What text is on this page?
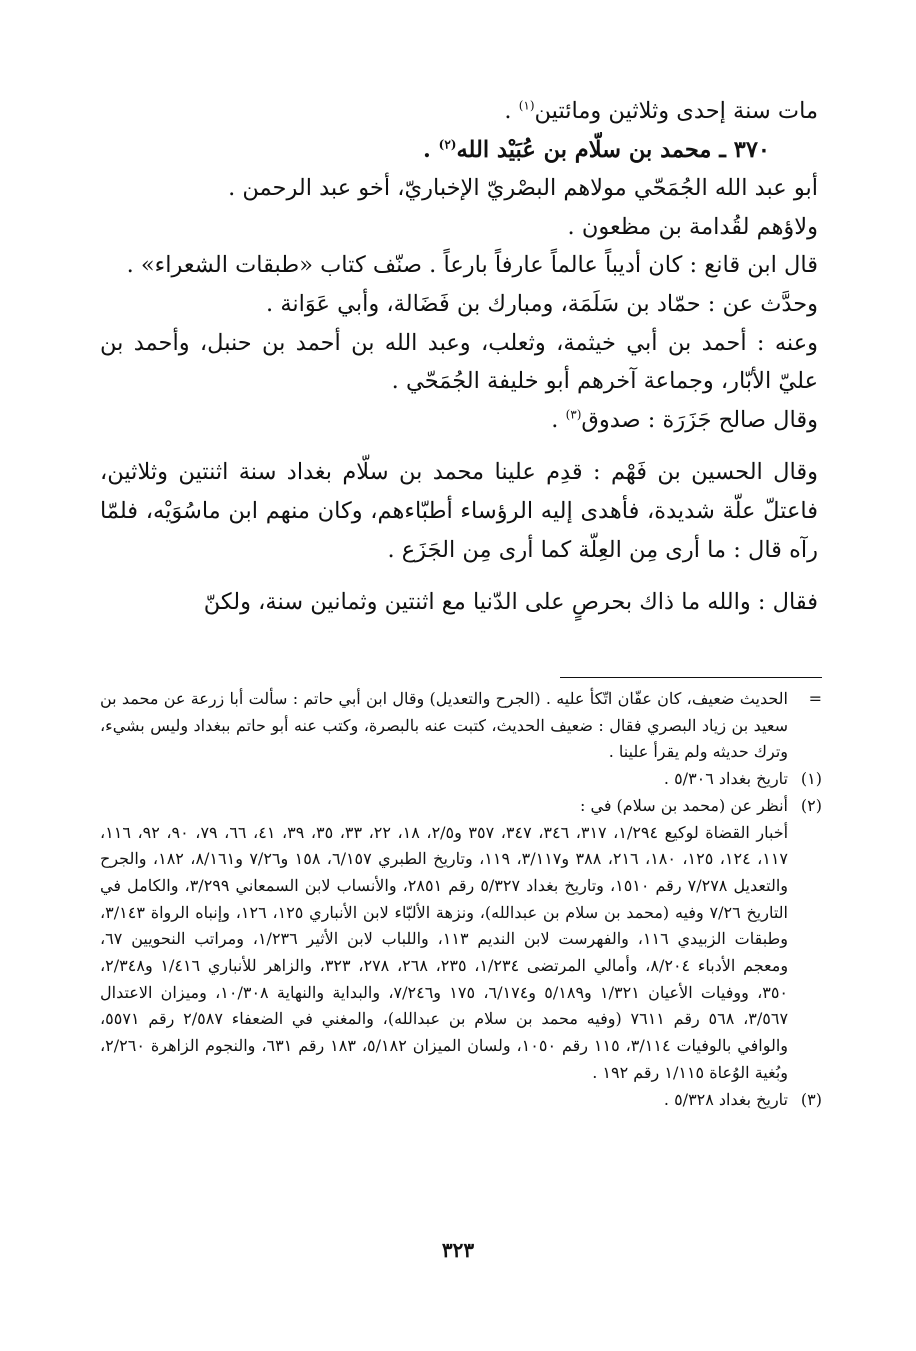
مات سنة إحدى وثلاثين ومائتين$^{(١)}$ .

٣٧٠ ـ محمد بن سلّام بن عُبَيْد الله$^{(٢)}$ .

أبو عبد الله الجُمَحّي مولاهم البصْريّ الإخباريّ، أخو عبد الرحمن .

ولاؤهم لقُدامة بن مظعون .

قال ابن قانع : كان أديباً عالماً عارفاً بارعاً . صنّف كتاب «طبقات الشعراء» .

وحدَّث عن : حمّاد بن سَلَمَة، ومبارك بن فَضَالة، وأبي عَوَانة .

وعنه : أحمد بن أبي خيثمة، وثعلب، وعبد الله بن أحمد بن حنبل، وأحمد بن عليّ الأبّار، وجماعة آخرهم أبو خليفة الجُمَحّي .

وقال صالح جَزَرَة : صدوق$^{(٣)}$ .

وقال الحسين بن فَهْم : قدِم علينا محمد بن سلّام بغداد سنة اثنتين وثلاثين، فاعتلّ علّة شديدة، فأهدى إليه الرؤساء أطبّاءهم، وكان منهم ابن ماسُوَيْه، فلمّا رآه قال : ما أرى مِن العِلّة كما أرى مِن الجَزَع .

فقال : والله ما ذاك بحرصٍ على الدّنيا مع اثنتين وثمانين سنة، ولكنّ

=
الحديث ضعيف، كان عفّان اتّكأ عليه . (الجرح والتعديل) وقال ابن أبي حاتم : سألت أبا زرعة عن محمد بن سعيد بن زياد البصري فقال : ضعيف الحديث، كتبت عنه بالبصرة، وكتب عنه أبو حاتم ببغداد وليس بشيء، وترك حديثه ولم يقرأ علينا .
(١)
تاريخ بغداد ٥/٣٠٦ .
(٢)

أنظر عن (محمد بن سلام) في :

أخبار القضاة لوكيع ١/٢٩٤، ٣١٧، ٣٤٦، ٣٤٧، ٣٥٧ و٢/٥، ١٨، ٢٢، ٣٣، ٣٥، ٣٩، ٤١، ٦٦، ٧٩، ٩٠، ٩٢، ١١٦، ١١٧، ١٢٤، ١٢٥، ١٨٠، ٢١٦، ٣٨٨ و٣/١١٧، ١١٩، وتاريخ الطبري ٦/١٥٧، ١٥٨ و٧/٢٦ و٨/١٦١، ١٨٢، والجرح والتعديل ٧/٢٧٨ رقم ١٥١٠، وتاريخ بغداد ٥/٣٢٧ رقم ٢٨٥١، والأنساب لابن السمعاني ٣/٢٩٩، والكامل في التاريخ ٧/٢٦ وفيه (محمد بن سلام بن عبدالله)، ونزهة الألبّاء لابن الأنباري ١٢٥، ١٢٦، وإنباه الرواة ٣/١٤٣، وطبقات الزبيدي ١١٦، والفهرست لابن النديم ١١٣، واللباب لابن الأثير ١/٢٣٦، ومراتب النحويين ٦٧، ومعجم الأدباء ٨/٢٠٤، وأمالي المرتضى ١/٢٣٤، ٢٣٥، ٢٦٨، ٢٧٨، ٣٢٣، والزاهر للأنباري ١/٤١٦ و٢/٣٤٨، ٣٥٠، ووفيات الأعيان ١/٣٢١ و٥/١٨٩ و٦/١٧٤، ١٧٥ و٧/٢٤٦، والبداية والنهاية ١٠/٣٠٨، وميزان الاعتدال ٣/٥٦٧، ٥٦٨ رقم ٧٦١١ (وفيه محمد بن سلام بن عبدالله)، والمغني في الضعفاء ٢/٥٨٧ رقم ٥٥٧١، والوافي بالوفيات ٣/١١٤، ١١٥ رقم ١٠٥٠، ولسان الميزان ٥/١٨٢، ١٨٣ رقم ٦٣١، والنجوم الزاهرة ٢/٢٦٠، وبُغية الوُعاة ١/١١٥ رقم ١٩٢ .

(٣)
تاريخ بغداد ٥/٣٢٨ .
٣٢٣
